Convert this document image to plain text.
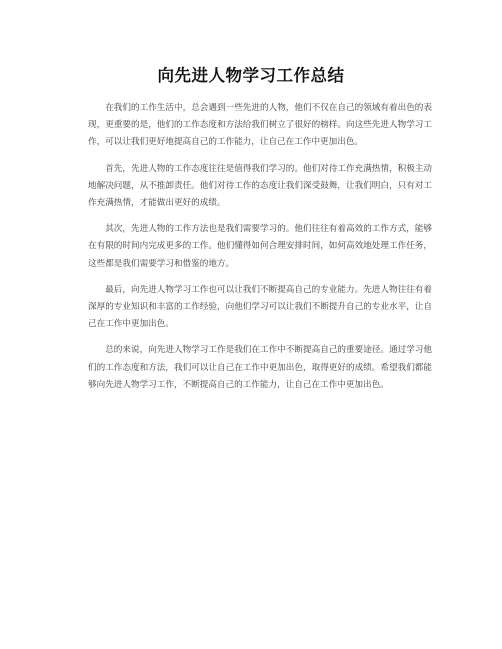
向先进人物学习工作总结

在我们的工作生活中，总会遇到一些先进的人物，他们不仅在自己的领域有着出色的表现，更重要的是，他们的工作态度和方法给我们树立了很好的榜样。向这些先进人物学习工作，可以让我们更好地提高自己的工作能力，让自己在工作中更加出色。

首先，先进人物的工作态度往往是值得我们学习的。他们对待工作充满热情，积极主动地解决问题，从不推卸责任。他们对待工作的态度让我们深受鼓舞，让我们明白，只有对工作充满热情，才能做出更好的成绩。

其次，先进人物的工作方法也是我们需要学习的。他们往往有着高效的工作方式，能够在有限的时间内完成更多的工作。他们懂得如何合理安排时间，如何高效地处理工作任务，这些都是我们需要学习和借鉴的地方。

最后，向先进人物学习工作也可以让我们不断提高自己的专业能力。先进人物往往有着深厚的专业知识和丰富的工作经验，向他们学习可以让我们不断提升自己的专业水平，让自己在工作中更加出色。

总的来说，向先进人物学习工作是我们在工作中不断提高自己的重要途径。通过学习他们的工作态度和方法，我们可以让自己在工作中更加出色，取得更好的成绩。希望我们都能够向先进人物学习工作，不断提高自己的工作能力，让自己在工作中更加出色。
